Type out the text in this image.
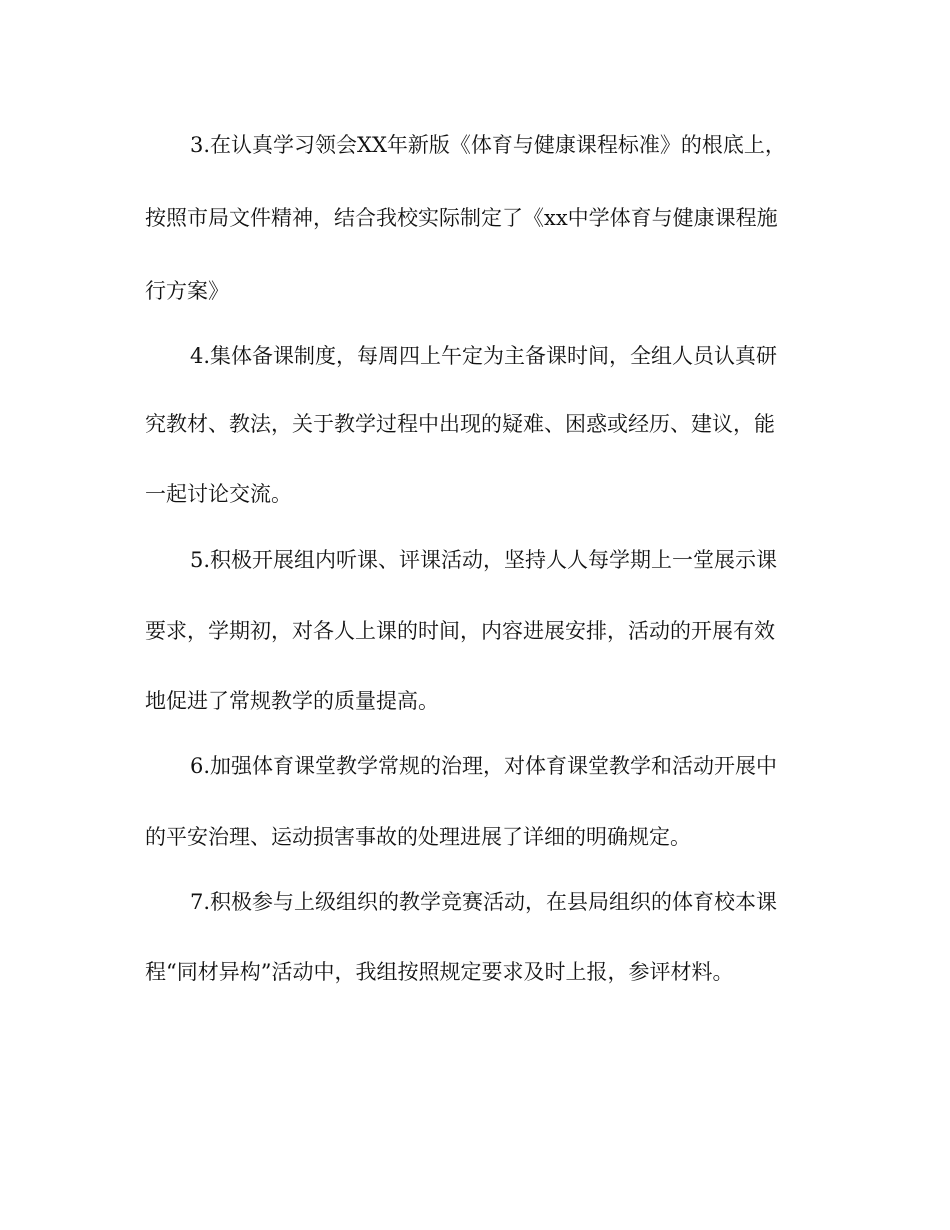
3.在认真学习领会XX年新版《体育与健康课程标准》的根底上，
按照市局文件精神，结合我校实际制定了《xx中学体育与健康课程施
行方案》
4.集体备课制度，每周四上午定为主备课时间，全组人员认真研
究教材、教法，关于教学过程中出现的疑难、困惑或经历、建议，能
一起讨论交流。
5.积极开展组内听课、评课活动，坚持人人每学期上一堂展示课
要求，学期初，对各人上课的时间，内容进展安排，活动的开展有效
地促进了常规教学的质量提高。
6.加强体育课堂教学常规的治理，对体育课堂教学和活动开展中
的平安治理、运动损害事故的处理进展了详细的明确规定。
7.积极参与上级组织的教学竞赛活动，在县局组织的体育校本课
程“同材异构”活动中，我组按照规定要求及时上报，参评材料。
